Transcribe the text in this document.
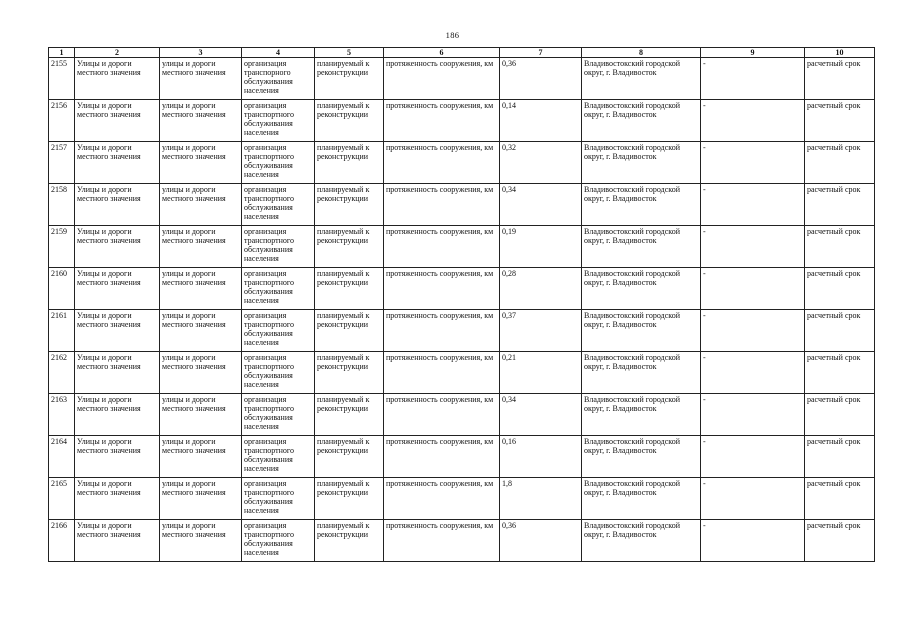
186
1	2	3	4	5	6	7	8	9	10
2155	Улицы и дороги местного значения	улицы и дороги местного значения	организация транспорного обслуживания населения	планируемый к реконструкции	протяженность сооружения, км	0,36	Владивостокский городской округ, г. Владивосток	-	расчетный срок
2156	Улицы и дороги местного значения	улицы и дороги местного значения	организация транспортного обслуживания населения	планируемый к реконструкции	протяженность сооружения, км	0,14	Владивостокский городской округ, г. Владивосток	-	расчетный срок
2157	Улицы и дороги местного значения	улицы и дороги местного значения	организация транспортного обслуживания населения	планируемый к реконструкции	протяженность сооружения, км	0,32	Владивостокский городской округ, г. Владивосток	-	расчетный срок
2158	Улицы и дороги местного значения	улицы и дороги местного значения	организация транспортного обслуживания населения	планируемый к реконструкции	протяженность сооружения, км	0,34	Владивостокский городской округ, г. Владивосток	-	расчетный срок
2159	Улицы и дороги местного значения	улицы и дороги местного значения	организация транспортного обслуживания населения	планируемый к реконструкции	протяженность сооружения, км	0,19	Владивостокский городской округ, г. Владивосток	-	расчетный срок
2160	Улицы и дороги местного значения	улицы и дороги местного значения	организация транспортного обслуживания населения	планируемый к реконструкции	протяженность сооружения, км	0,28	Владивостокский городской округ, г. Владивосток	-	расчетный срок
2161	Улицы и дороги местного значения	улицы и дороги местного значения	организация транспортного обслуживания населения	планируемый к реконструкции	протяженность сооружения, км	0,37	Владивостокский городской округ, г. Владивосток	-	расчетный срок
2162	Улицы и дороги местного значения	улицы и дороги местного значения	организация транспортного обслуживания населения	планируемый к реконструкции	протяженность сооружения, км	0,21	Владивостокский городской округ, г. Владивосток	-	расчетный срок
2163	Улицы и дороги местного значения	улицы и дороги местного значения	организация транспортного обслуживания населения	планируемый к реконструкции	протяженность сооружения, км	0,34	Владивостокский городской округ, г. Владивосток	-	расчетный срок
2164	Улицы и дороги местного значения	улицы и дороги местного значения	организация транспортного обслуживания населения	планируемый к реконструкции	протяженность сооружения, км	0,16	Владивостокский городской округ, г. Владивосток	-	расчетный срок
2165	Улицы и дороги местного значения	улицы и дороги местного значения	организация транспортного обслуживания населения	планируемый к реконструкции	протяженность сооружения, км	1,8	Владивостокский городской округ, г. Владивосток	-	расчетный срок
2166	Улицы и дороги местного значения	улицы и дороги местного значения	организация транспортного обслуживания населения	планируемый к реконструкции	протяженность сооружения, км	0,36	Владивостокский городской округ, г. Владивосток	-	расчетный срок
